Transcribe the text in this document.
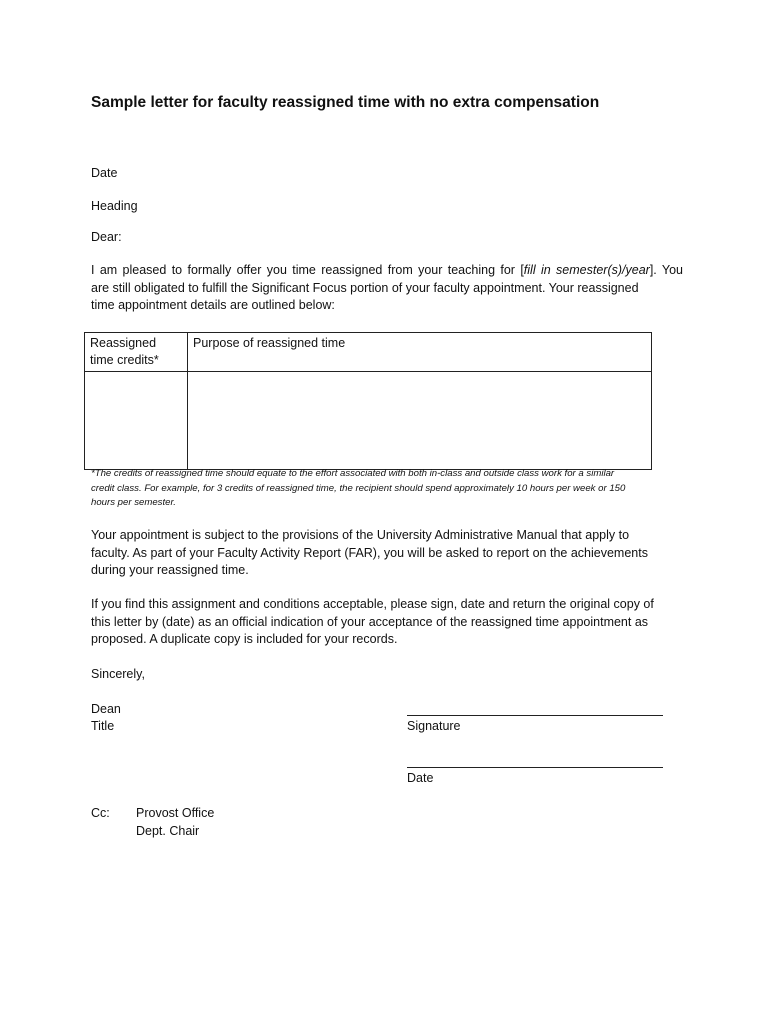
Sample letter for faculty reassigned time with no extra compensation
Date
Heading
Dear:
I am pleased to formally offer you time reassigned from your teaching for [fill in semester(s)/year]. You
are still obligated to fulfill the Significant Focus portion of your faculty appointment. Your reassigned
time appointment details are outlined below:
Reassigned
time credits*	Purpose of reassigned time

*The credits of reassigned time should equate to the effort associated with both in-class and outside class work for a similar
credit class. For example, for 3 credits of reassigned time, the recipient should spend approximately 10 hours per week or 150
hours per semester.
Your appointment is subject to the provisions of the University Administrative Manual that apply to
faculty. As part of your Faculty Activity Report (FAR), you will be asked to report on the achievements
during your reassigned time.
If you find this assignment and conditions acceptable, please sign, date and return the original copy of
this letter by (date) as an official indication of your acceptance of the reassigned time appointment as
proposed. A duplicate copy is included for your records.
Sincerely,
Dean
Title	Signature
Date
Cc: Provost Office
Dept. Chair
